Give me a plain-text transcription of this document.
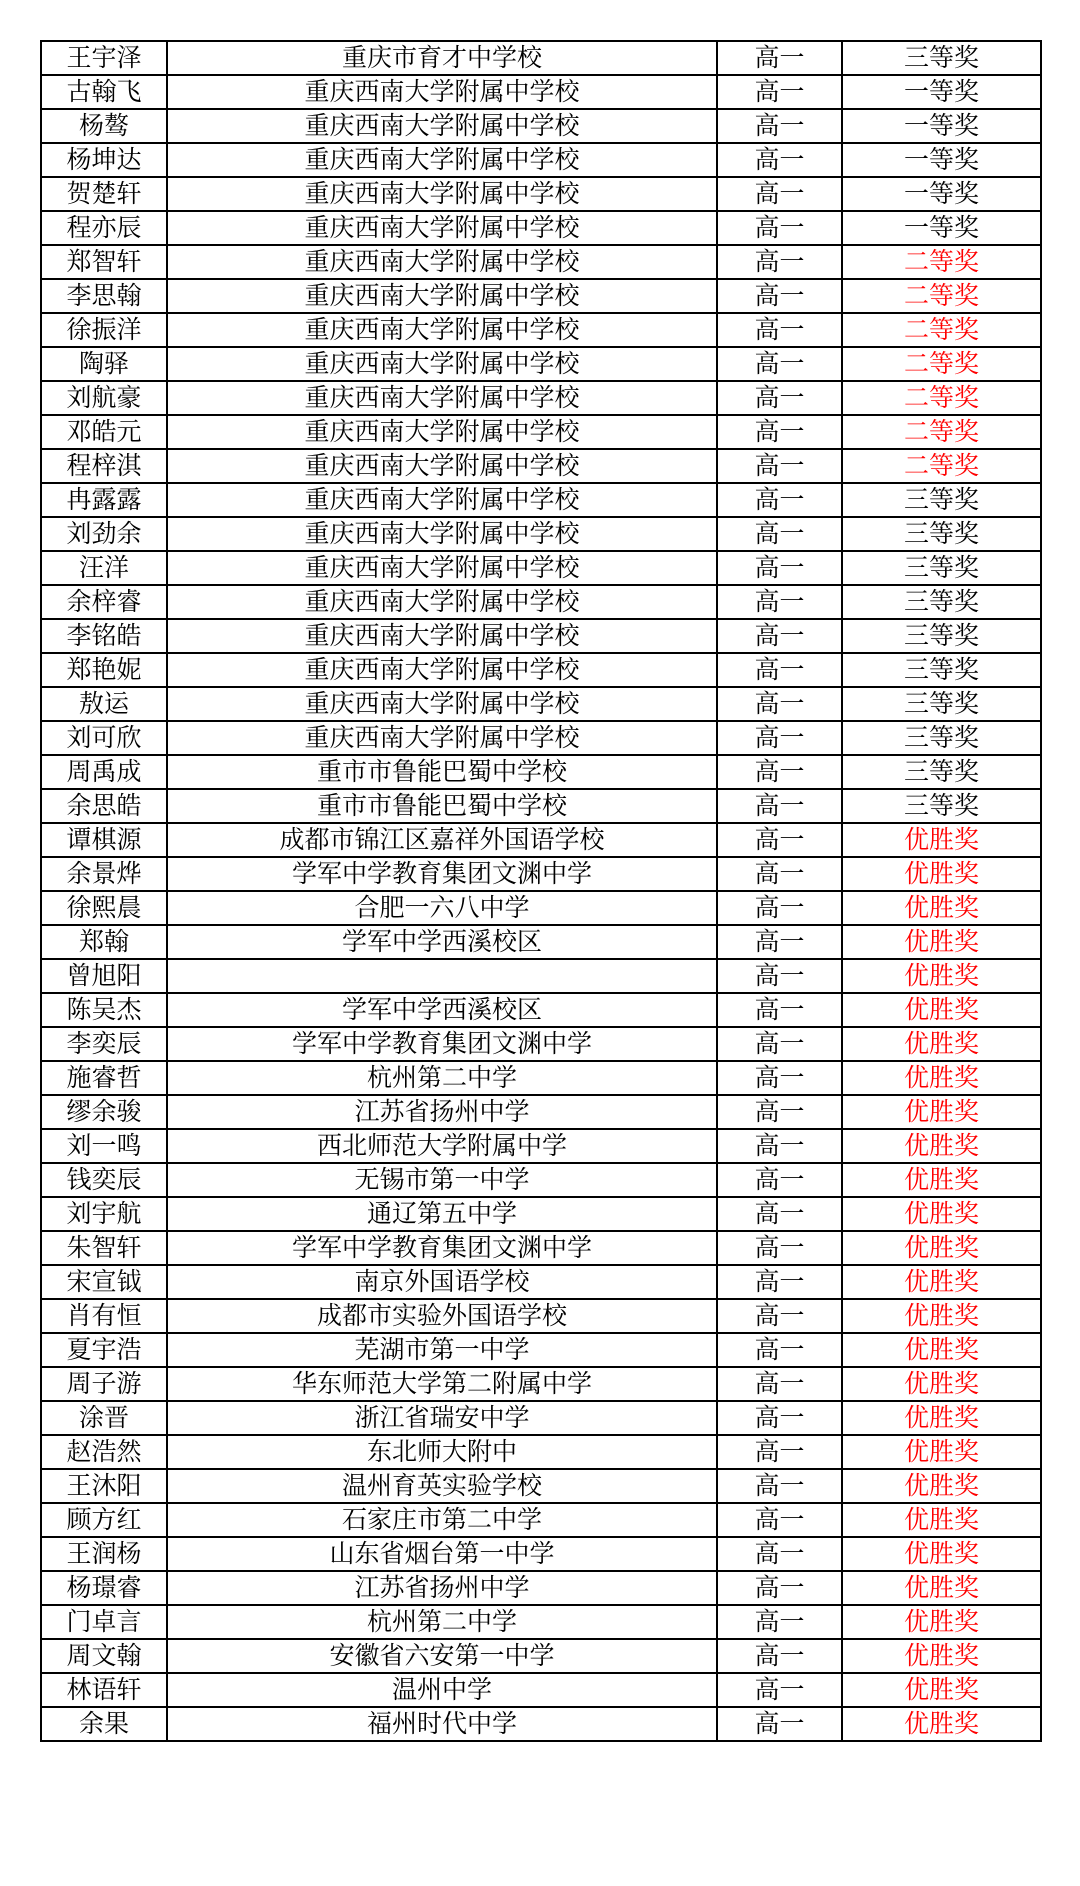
王宇泽	重庆市育才中学校	高一	三等奖
古翰飞	重庆西南大学附属中学校	高一	一等奖
杨骜	重庆西南大学附属中学校	高一	一等奖
杨坤达	重庆西南大学附属中学校	高一	一等奖
贺楚轩	重庆西南大学附属中学校	高一	一等奖
程亦辰	重庆西南大学附属中学校	高一	一等奖
郑智轩	重庆西南大学附属中学校	高一	二等奖
李思翰	重庆西南大学附属中学校	高一	二等奖
徐振洋	重庆西南大学附属中学校	高一	二等奖
陶驿	重庆西南大学附属中学校	高一	二等奖
刘航豪	重庆西南大学附属中学校	高一	二等奖
邓皓元	重庆西南大学附属中学校	高一	二等奖
程梓淇	重庆西南大学附属中学校	高一	二等奖
冉露露	重庆西南大学附属中学校	高一	三等奖
刘劲余	重庆西南大学附属中学校	高一	三等奖
汪洋	重庆西南大学附属中学校	高一	三等奖
余梓睿	重庆西南大学附属中学校	高一	三等奖
李铭皓	重庆西南大学附属中学校	高一	三等奖
郑艳妮	重庆西南大学附属中学校	高一	三等奖
敖运	重庆西南大学附属中学校	高一	三等奖
刘可欣	重庆西南大学附属中学校	高一	三等奖
周禹成	重市市鲁能巴蜀中学校	高一	三等奖
余思皓	重市市鲁能巴蜀中学校	高一	三等奖
谭棋源	成都市锦江区嘉祥外国语学校	高一	优胜奖
余景烨	学军中学教育集团文渊中学	高一	优胜奖
徐熙晨	合肥一六八中学	高一	优胜奖
郑翰	学军中学西溪校区	高一	优胜奖
曾旭阳		高一	优胜奖
陈吴杰	学军中学西溪校区	高一	优胜奖
李奕辰	学军中学教育集团文渊中学	高一	优胜奖
施睿哲	杭州第二中学	高一	优胜奖
缪余骏	江苏省扬州中学	高一	优胜奖
刘一鸣	西北师范大学附属中学	高一	优胜奖
钱奕辰	无锡市第一中学	高一	优胜奖
刘宇航	通辽第五中学	高一	优胜奖
朱智轩	学军中学教育集团文渊中学	高一	优胜奖
宋宣钺	南京外国语学校	高一	优胜奖
肖有恒	成都市实验外国语学校	高一	优胜奖
夏宇浩	芜湖市第一中学	高一	优胜奖
周子游	华东师范大学第二附属中学	高一	优胜奖
涂晋	浙江省瑞安中学	高一	优胜奖
赵浩然	东北师大附中	高一	优胜奖
王沐阳	温州育英实验学校	高一	优胜奖
顾方红	石家庄市第二中学	高一	优胜奖
王润杨	山东省烟台第一中学	高一	优胜奖
杨璟睿	江苏省扬州中学	高一	优胜奖
门卓言	杭州第二中学	高一	优胜奖
周文翰	安徽省六安第一中学	高一	优胜奖
林语轩	温州中学	高一	优胜奖
余果	福州时代中学	高一	优胜奖
